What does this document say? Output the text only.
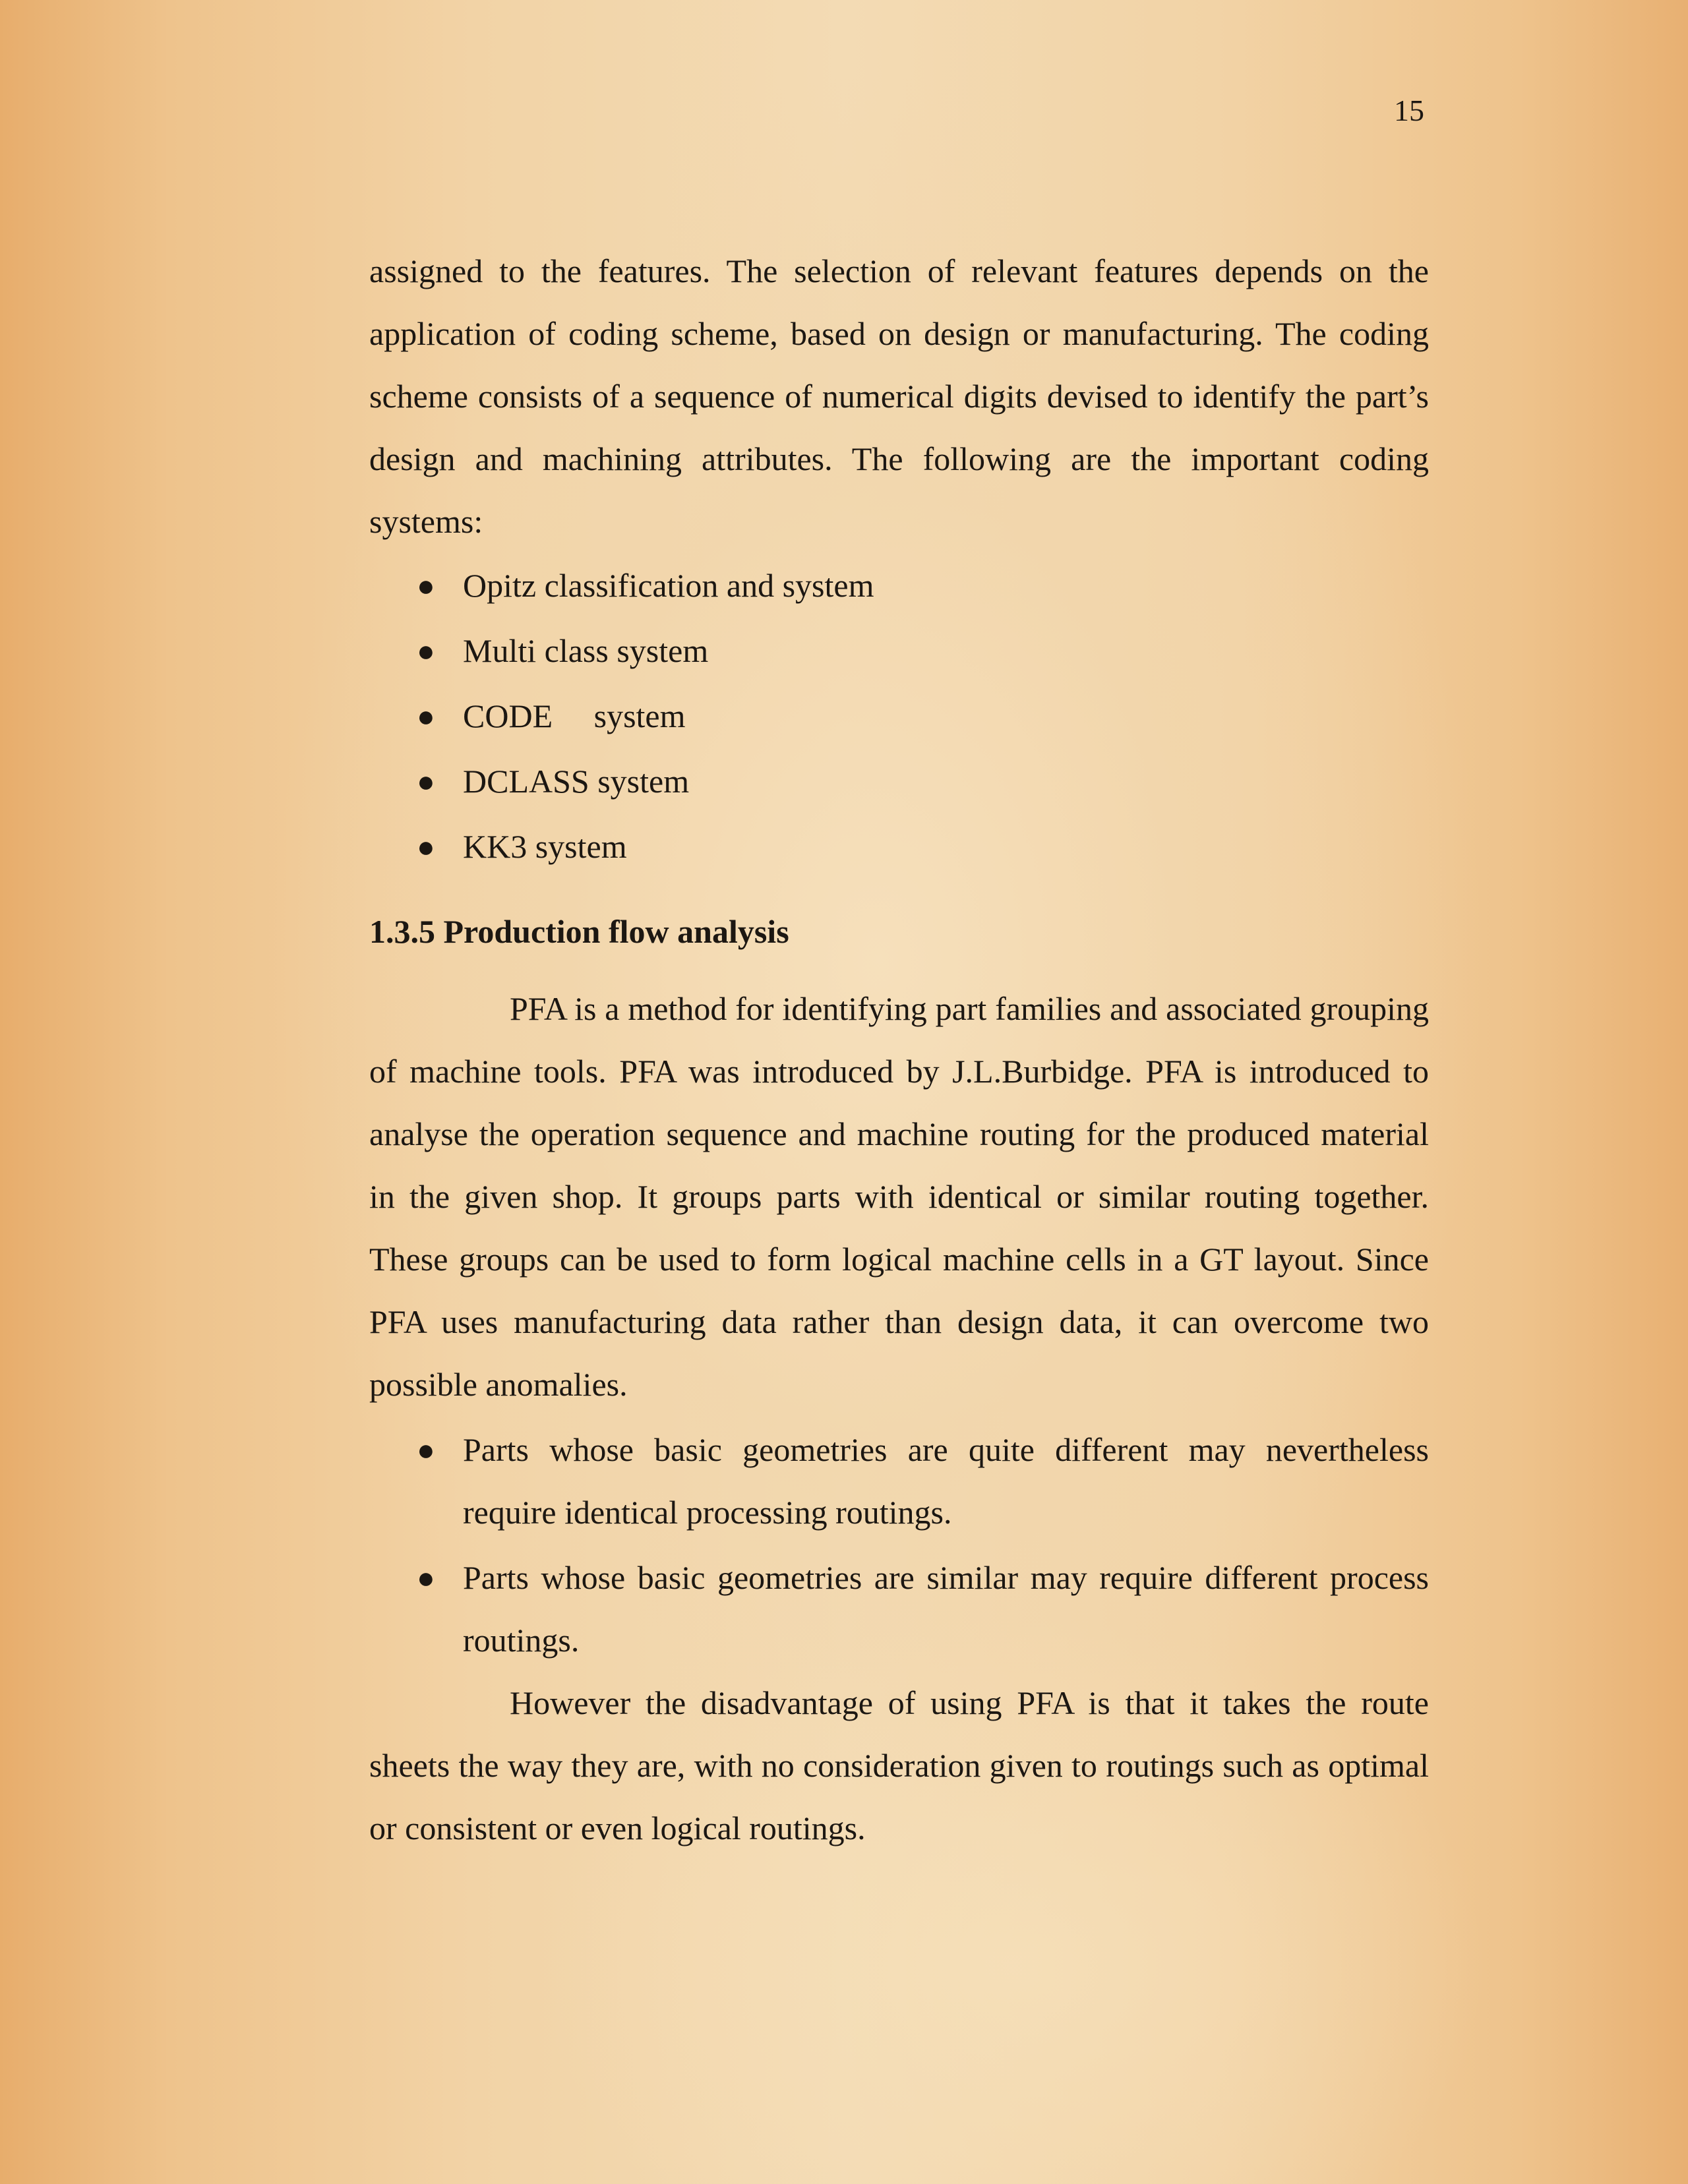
15

assigned to the features. The selection of relevant features depends on the application of coding scheme, based on design or manufacturing. The coding scheme consists of a sequence of numerical digits devised to identify the part’s design and machining attributes. The following are the important coding systems:

● Opitz classification and system
● Multi class system
● CODE     system
● DCLASS system
● KK3 system
1.3.5 Production flow analysis

PFA is a method for identifying part families and associated grouping of machine tools. PFA was introduced by J.L.Burbidge. PFA is introduced to analyse the operation sequence and machine routing for the produced material in the given shop. It groups parts with identical or similar routing together. These groups can be used to form logical machine cells in a GT layout. Since PFA uses manufacturing data rather than design data, it can overcome two possible anomalies.

● Parts whose basic geometries are quite different may nevertheless require identical processing routings.
● Parts whose basic geometries are similar may require different process routings.

However the disadvantage of using PFA is that it takes the route sheets the way they are, with no consideration given to routings such as optimal or consistent or even logical routings.
